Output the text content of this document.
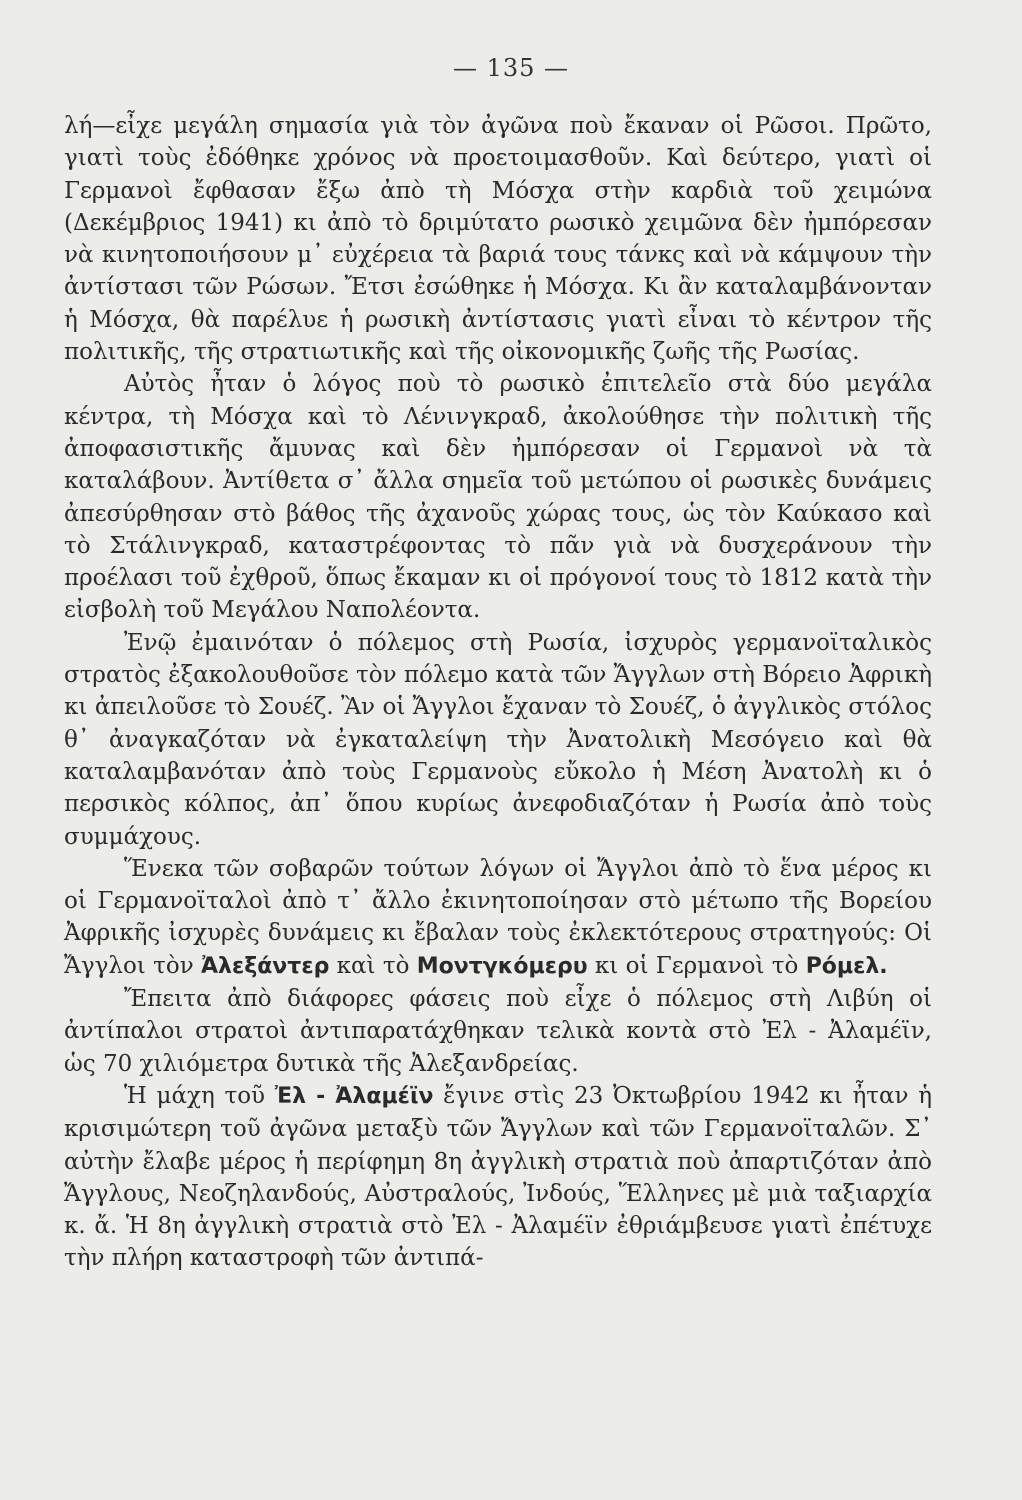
— 135 —

λή—εἶχε μεγάλη σημασία γιὰ τὸν ἀγῶνα ποὺ ἔκαναν οἱ Ρῶσοι. Πρῶτο, γιατὶ τοὺς ἐδόθηκε χρόνος νὰ προετοιμασθοῦν. Καὶ δεύτερο, γιατὶ οἱ Γερμανοὶ ἔφθασαν ἔξω ἀπὸ τὴ Μόσχα στὴν καρδιὰ τοῦ χειμώνα (Δεκέμβριος 1941) κι ἀπὸ τὸ δριμύτατο ρωσικὸ χειμῶνα δὲν ἠμπόρεσαν νὰ κινητοποιήσουν μ᾽ εὐχέρεια τὰ βαριά τους τάνκς καὶ νὰ κάμψουν τὴν ἀντίστασι τῶν Ρώσων. Ἔτσι ἐσώθηκε ἡ Μόσχα. Κι ἂν καταλαμβάνονταν ἡ Μόσχα, θὰ παρέλυε ἡ ρωσικὴ ἀντίστασις γιατὶ εἶναι τὸ κέντρον τῆς πολιτικῆς, τῆς στρατιωτικῆς καὶ τῆς οἰκονομικῆς ζωῆς τῆς Ρωσίας.

Αὐτὸς ἦταν ὁ λόγος ποὺ τὸ ρωσικὸ ἐπιτελεῖο στὰ δύο μεγάλα κέντρα, τὴ Μόσχα καὶ τὸ Λένινγκραδ, ἀκολούθησε τὴν πολιτικὴ τῆς ἀποφασιστικῆς ἄμυνας καὶ δὲν ἠμπόρεσαν οἱ Γερμανοὶ νὰ τὰ καταλάβουν. Ἀντίθετα σ᾽ ἄλλα σημεῖα τοῦ μετώπου οἱ ρωσικὲς δυνάμεις ἀπεσύρθησαν στὸ βάθος τῆς ἀχανοῦς χώρας τους, ὡς τὸν Καύκασο καὶ τὸ Στάλινγκραδ, καταστρέφοντας τὸ πᾶν γιὰ νὰ δυσχεράνουν τὴν προέλασι τοῦ ἐχθροῦ, ὅπως ἔκαμαν κι οἱ πρόγονοί τους τὸ 1812 κατὰ τὴν εἰσβολὴ τοῦ Μεγάλου Ναπολέοντα.

Ἐνῷ ἐμαινόταν ὁ πόλεμος στὴ Ρωσία, ἰσχυρὸς γερμανοϊταλικὸς στρατὸς ἐξακολουθοῦσε τὸν πόλεμο κατὰ τῶν Ἄγγλων στὴ Βόρειο Ἀφρικὴ κι ἀπειλοῦσε τὸ Σουέζ. Ἂν οἱ Ἄγγλοι ἔχαναν τὸ Σουέζ, ὁ ἀγγλικὸς στόλος θ᾽ ἀναγκαζόταν νὰ ἐγκαταλείψη τὴν Ἀνατολικὴ Μεσόγειο καὶ θὰ καταλαμβανόταν ἀπὸ τοὺς Γερμανοὺς εὔκολο ἡ Μέση Ἀνατολὴ κι ὁ περσικὸς κόλπος, ἀπ᾽ ὅπου κυρίως ἀνεφοδιαζόταν ἡ Ρωσία ἀπὸ τοὺς συμμάχους.

Ἕνεκα τῶν σοβαρῶν τούτων λόγων οἱ Ἄγγλοι ἀπὸ τὸ ἕνα μέρος κι οἱ Γερμανοϊταλοὶ ἀπὸ τ᾽ ἄλλο ἐκινητοποίησαν στὸ μέτωπο τῆς Βορείου Ἀφρικῆς ἰσχυρὲς δυνάμεις κι ἔβαλαν τοὺς ἐκλεκτότερους στρατηγούς: Οἱ Ἄγγλοι τὸν Ἀλεξάντερ καὶ τὸ Μοντγκόμερυ κι οἱ Γερμανοὶ τὸ Ρόμελ.

Ἔπειτα ἀπὸ διάφορες φάσεις ποὺ εἶχε ὁ πόλεμος στὴ Λιβύη οἱ ἀντίπαλοι στρατοὶ ἀντιπαρατάχθηκαν τελικὰ κοντὰ στὸ Ἐλ - Ἀλαμέϊν, ὡς 70 χιλιόμετρα δυτικὰ τῆς Ἀλεξανδρείας.

Ἡ μάχη τοῦ Ἐλ - Ἀλαμέϊν ἔγινε στὶς 23 Ὀκτωβρίου 1942 κι ἦταν ἡ κρισιμώτερη τοῦ ἀγῶνα μεταξὺ τῶν Ἄγγλων καὶ τῶν Γερμανοϊταλῶν. Σ᾽ αὐτὴν ἔλαβε μέρος ἡ περίφημη 8η ἀγγλικὴ στρατιὰ ποὺ ἀπαρτιζόταν ἀπὸ Ἄγγλους, Νεοζηλανδούς, Αὐστραλούς, Ἰνδούς, Ἕλληνες μὲ μιὰ ταξιαρχία κ. ἄ. Ἡ 8η ἀγγλικὴ στρατιὰ στὸ Ἐλ - Ἀλαμέϊν ἐθριάμβευσε γιατὶ ἐπέτυχε τὴν πλήρη καταστροφὴ τῶν ἀντιπά-
